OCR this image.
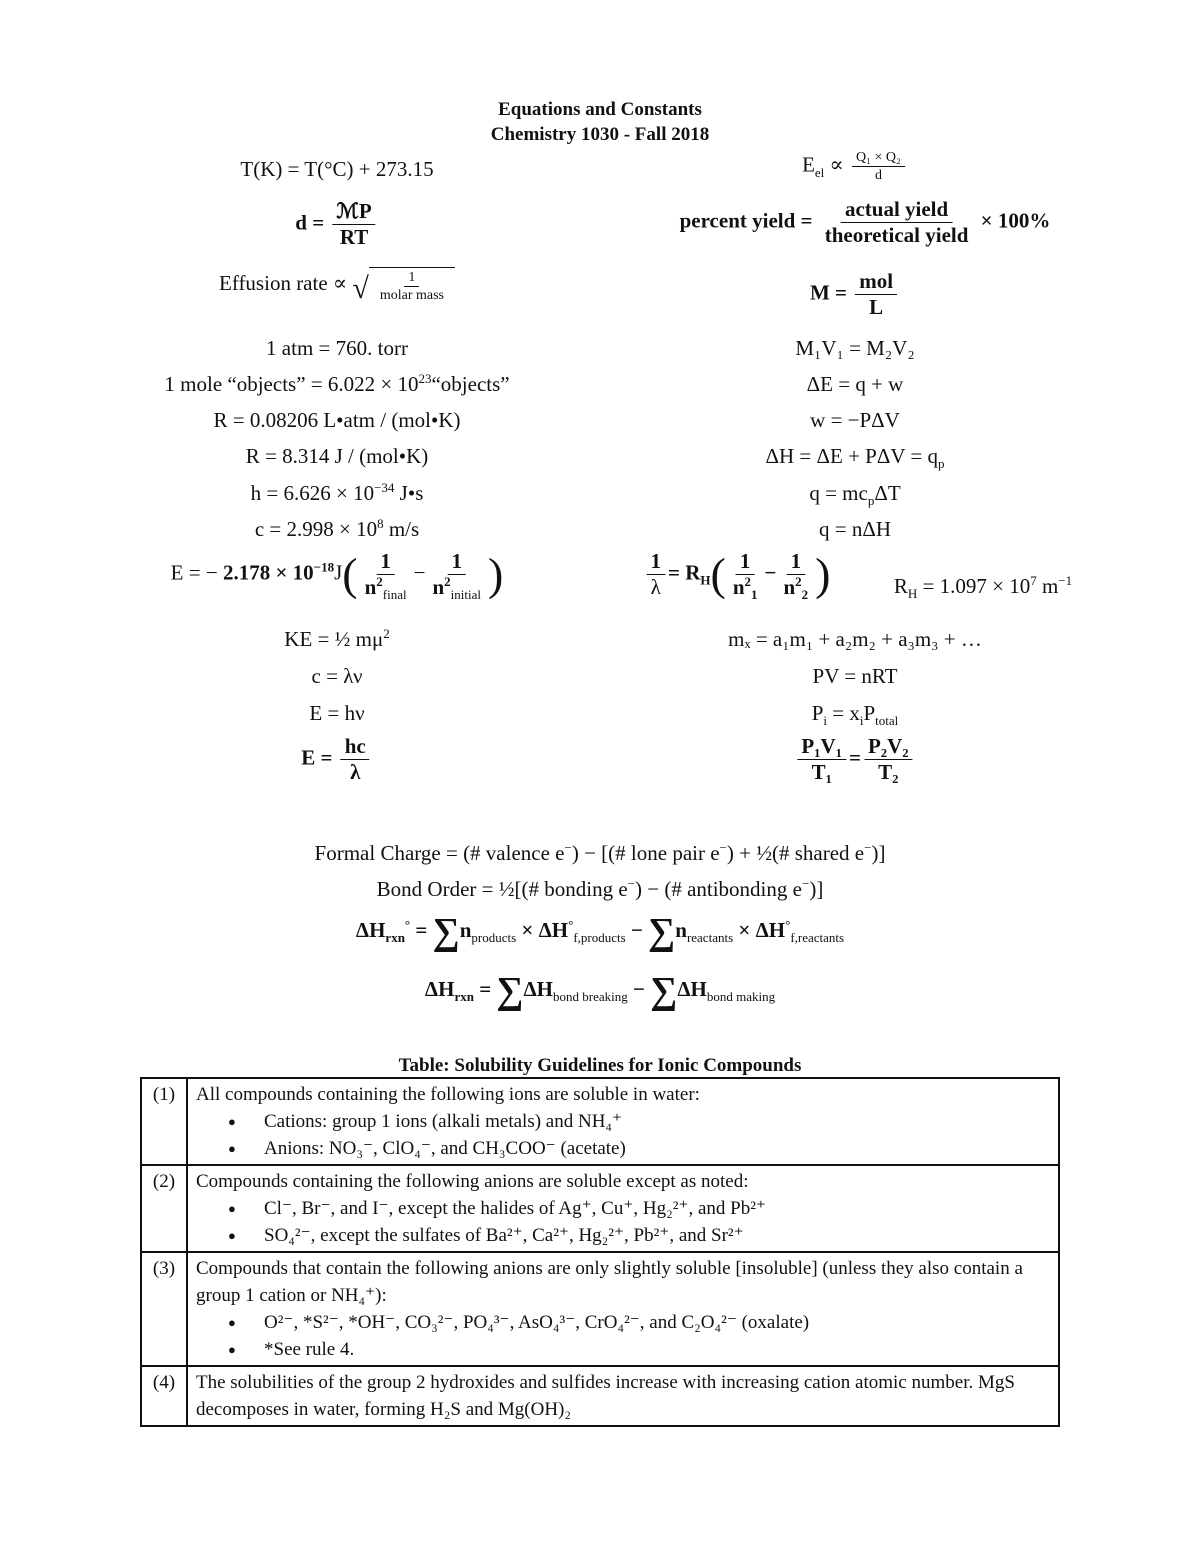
Equations and Constants
Chemistry 1030 - Fall 2018
T(K) = T(°C) + 273.15
$d = \frac{\text{ℳP}}{RT}$
Effusion rate ∝ √ $\frac{1}{\text{molar mass}}$
1 atm = 760. torr
1 mole “objects” = $6.022 \times 10^{23}“objects$”
R = 0.08206 L•atm / (mol•K)
R = 8.314 J / (mol•K)
$h = 6.626 \times 10^{-34}$ J•s
$c = 2.998 \times 10^8$ m/s
E = − $2.178 \times 10^{-18}J( \frac{1}{n^2_{final}} - \frac{1}{n^2_{initial}}$ )
KE = ½ $m\mu^2$
c = λν
E = hν
$E = \frac{hc}{\lambda}$
$E_{el} \propto \frac{\text{Q₁ × Q₂}}{d}$
percent yield = $\frac{\text{actual yield}}{\text{theoretical yield}} \times 100\%$
$M = \frac{\text{mol}}{L}$
M₁V₁ = M₂V₂
ΔE = q + w
w = −PΔV
$\Delta H = \Delta E + P\Delta V = q_p$
$q = mc_p\Delta T$
q = nΔH
$\frac{1}{\lambda} = R_H( \frac{1}{n^2_1} - \frac{1}{n^2_2}$ )	$R_H = 1.097 \times 10^7$ $m^{-1}$
mₓ = a₁m₁ + a₂m₂ + a₃m₃ + …
PV = nRT
$P_i = x_iP_{total}$
$\frac{\text{P₁V₁}}{\text{T₁}} = \frac{\text{P₂V₂}}{\text{T₂}}$
Formal Charge = (# valence e−) − [(# lone pair e−) + ½(# shared e−)]
Bond Order = ½[(# bonding e−) − (# antibonding e−)]
$\Delta H_{rxn}^\circ = \sum n_{products} \times \Delta H^\circ_{f,products} - \sum n_{reactants} \times \Delta H^\circ_{f,reactants}$
$\Delta H_{rxn} = \sum\Delta H_{bond breaking} - \sum\Delta H_{bond making}$
Table: Solubility Guidelines for Ionic Compounds
(1)	All compounds containing the following ions are soluble in water:
● Cations: group 1 ions (alkali metals) and NH₄⁺
● Anions: NO₃⁻, ClO₄⁻, and CH₃COO⁻ (acetate)

(2)	Compounds containing the following anions are soluble except as noted:
● Cl⁻, Br⁻, and I⁻, except the halides of Ag⁺, Cu⁺, Hg₂²⁺, and Pb²⁺
● SO₄²⁻, except the sulfates of Ba²⁺, Ca²⁺, Hg₂²⁺, Pb²⁺, and Sr²⁺

(3)	Compounds that contain the following anions are only slightly soluble [insoluble] (unless they also contain a group 1 cation or NH₄⁺):
● O²⁻, *S²⁻, *OH⁻, CO₃²⁻, PO₄³⁻, AsO₄³⁻, CrO₄²⁻, and C₂O₄²⁻ (oxalate)
● *See rule 4.

(4)	The solubilities of the group 2 hydroxides and sulfides increase with increasing cation atomic number. MgS decomposes in water, forming H₂S and Mg(OH)₂
